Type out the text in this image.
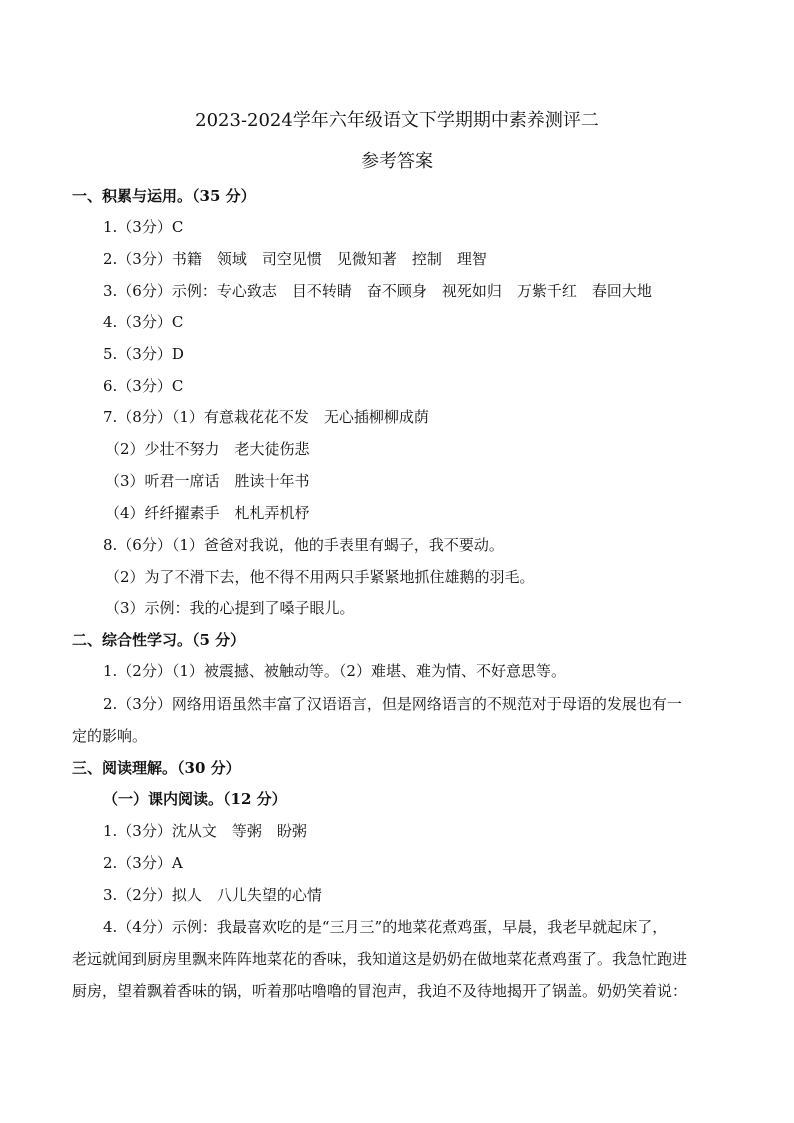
2023-2024学年六年级语文下学期期中素养测评二
参考答案
一、积累与运用。（35 分）
1.（3分）C
2.（3分）书籍　领域　司空见惯　见微知著　控制　理智
3.（6分）示例：专心致志　目不转睛　奋不顾身　视死如归　万紫千红　春回大地
4.（3分）C
5.（3分）D
6.（3分）C
7.（8分）（1）有意栽花花不发　无心插柳柳成荫
（2）少壮不努力　老大徒伤悲
（3）听君一席话　胜读十年书
（4）纤纤擢素手　札札弄机杼
8.（6分）（1）爸爸对我说，他的手表里有蝎子，我不要动。
（2）为了不滑下去，他不得不用两只手紧紧地抓住雄鹅的羽毛。
（3）示例：我的心提到了嗓子眼儿。
二、综合性学习。（5 分）
1.（2分）（1）被震撼、被触动等。（2）难堪、难为情、不好意思等。
2.（3分）网络用语虽然丰富了汉语语言，但是网络语言的不规范对于母语的发展也有一
定的影响。
三、阅读理解。（30 分）
（一）课内阅读。（12 分）
1.（3分）沈从文　等粥　盼粥
2.（3分）A
3.（2分）拟人　八儿失望的心情
4.（4分）示例：我最喜欢吃的是“三月三”的地菜花煮鸡蛋，早晨，我老早就起床了，
老远就闻到厨房里飘来阵阵地菜花的香味，我知道这是奶奶在做地菜花煮鸡蛋了。我急忙跑进
厨房，望着飘着香味的锅，听着那咕噜噜的冒泡声，我迫不及待地揭开了锅盖。奶奶笑着说：
